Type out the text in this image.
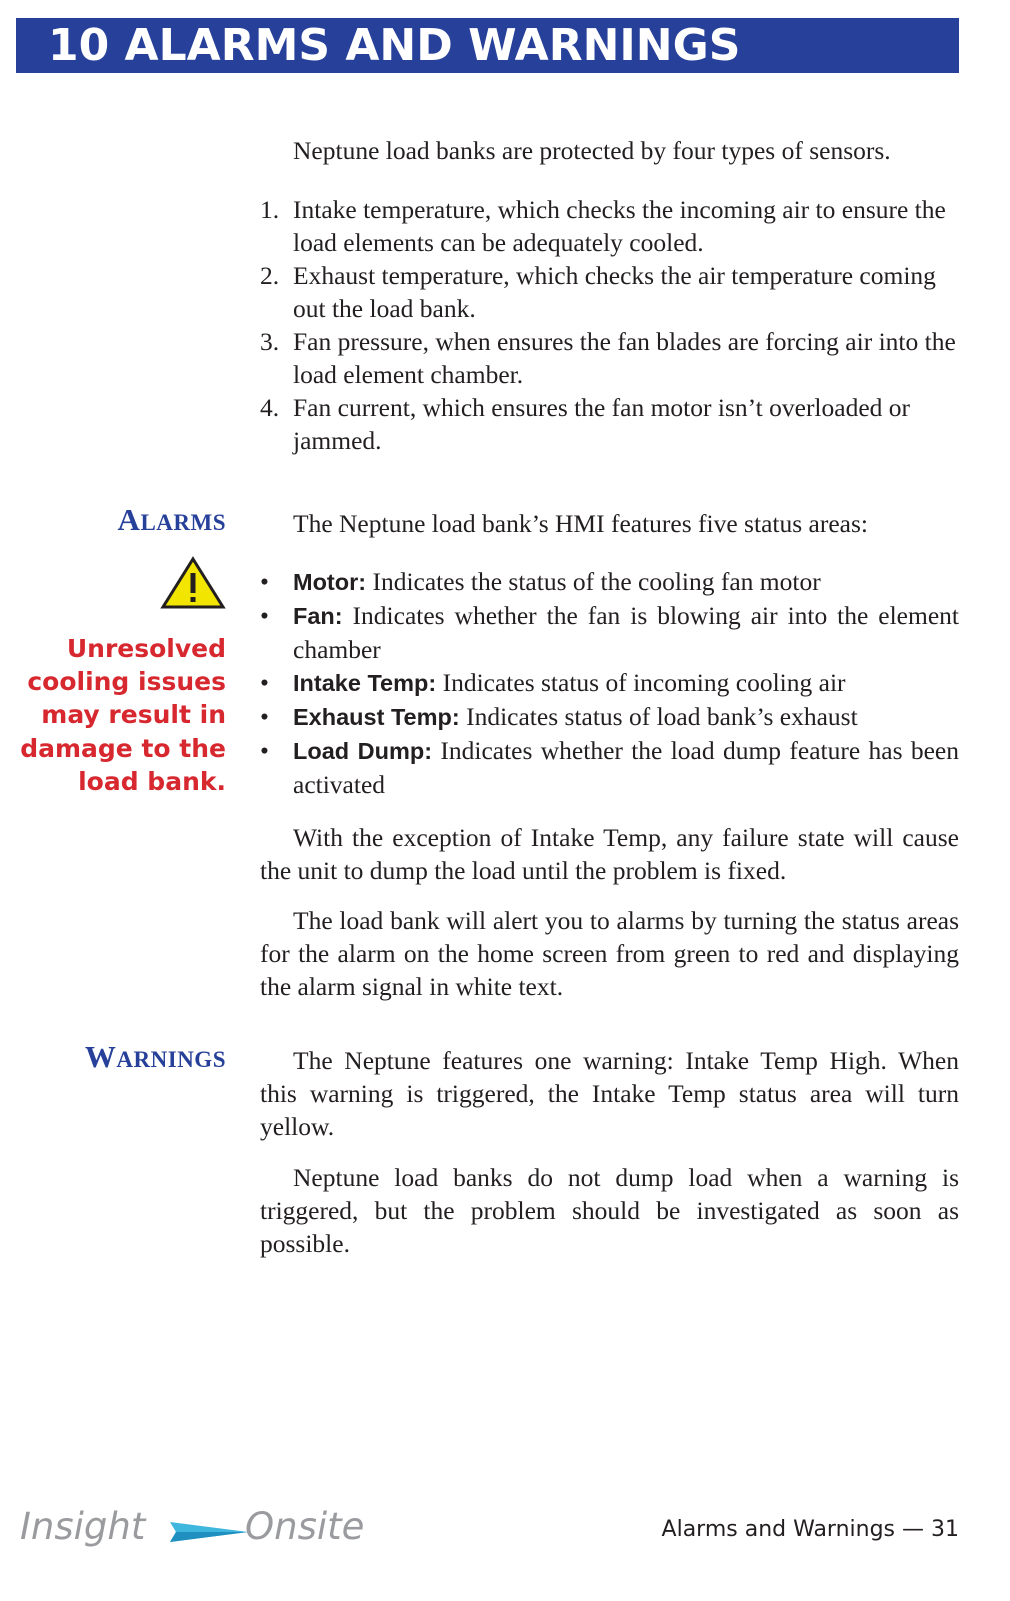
10 ALARMS AND WARNINGS

Neptune load banks are protected by four types of sensors.

1. Intake temperature, which checks the incoming air to ensure the load elements can be adequately cooled.
2. Exhaust temperature, which checks the air temperature coming out the load bank.
3. Fan pressure, when ensures the fan blades are forcing air into the load element chamber.
4. Fan current, which ensures the fan motor isn’t overloaded or jammed.
ALARMS

Unresolved cooling issues may result in damage to the load bank.

The Neptune load bank’s HMI features five status areas:

• Motor: Indicates the status of the cooling fan motor
• Fan: Indicates whether the fan is blowing air into the element chamber
• Intake Temp: Indicates status of incoming cooling air
• Exhaust Temp: Indicates status of load bank’s exhaust
• Load Dump: Indicates whether the load dump feature has been activated

With the exception of Intake Temp, any failure state will cause the unit to dump the load until the problem is fixed.

The load bank will alert you to alarms by turning the status areas for the alarm on the home screen from green to red and displaying the alarm signal in white text.

WARNINGS	The Neptune features one warning: Intake Temp High. When this warning is triggered, the Intake Temp status area will turn yellow.

Neptune load banks do not dump load when a warning is triggered, but the problem should be investigated as soon as possible.

Insight	Onsite	Alarms and Warnings — 31
